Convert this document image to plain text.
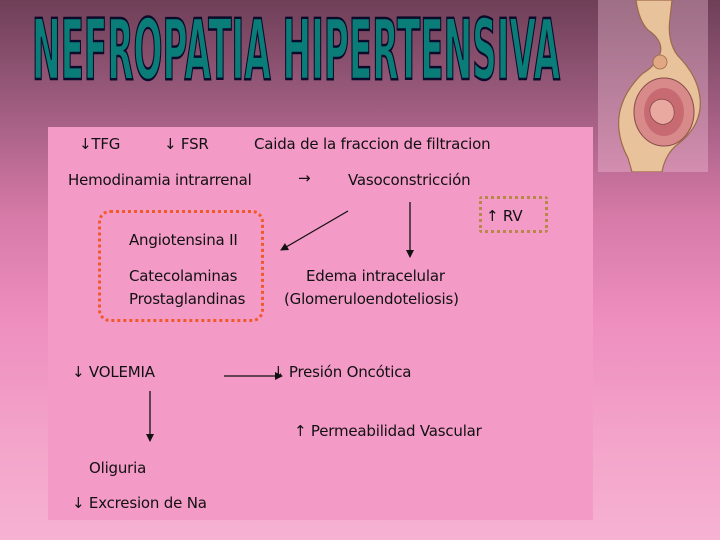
NEFROPATIA HIPERTENSIVA
↓TFG	↓ FSR	Caida de la fraccion de filtracion
Hemodinamia intrarrenal	→	Vasoconstricción
↑ RV
Angiotensina II
Catecolaminas
Prostaglandinas
Edema intracelular
(Glomeruloendoteliosis)
↓ VOLEMIA	↓ Presión Oncótica
↑ Permeabilidad Vascular
Oliguria
↓ Excresion de Na
